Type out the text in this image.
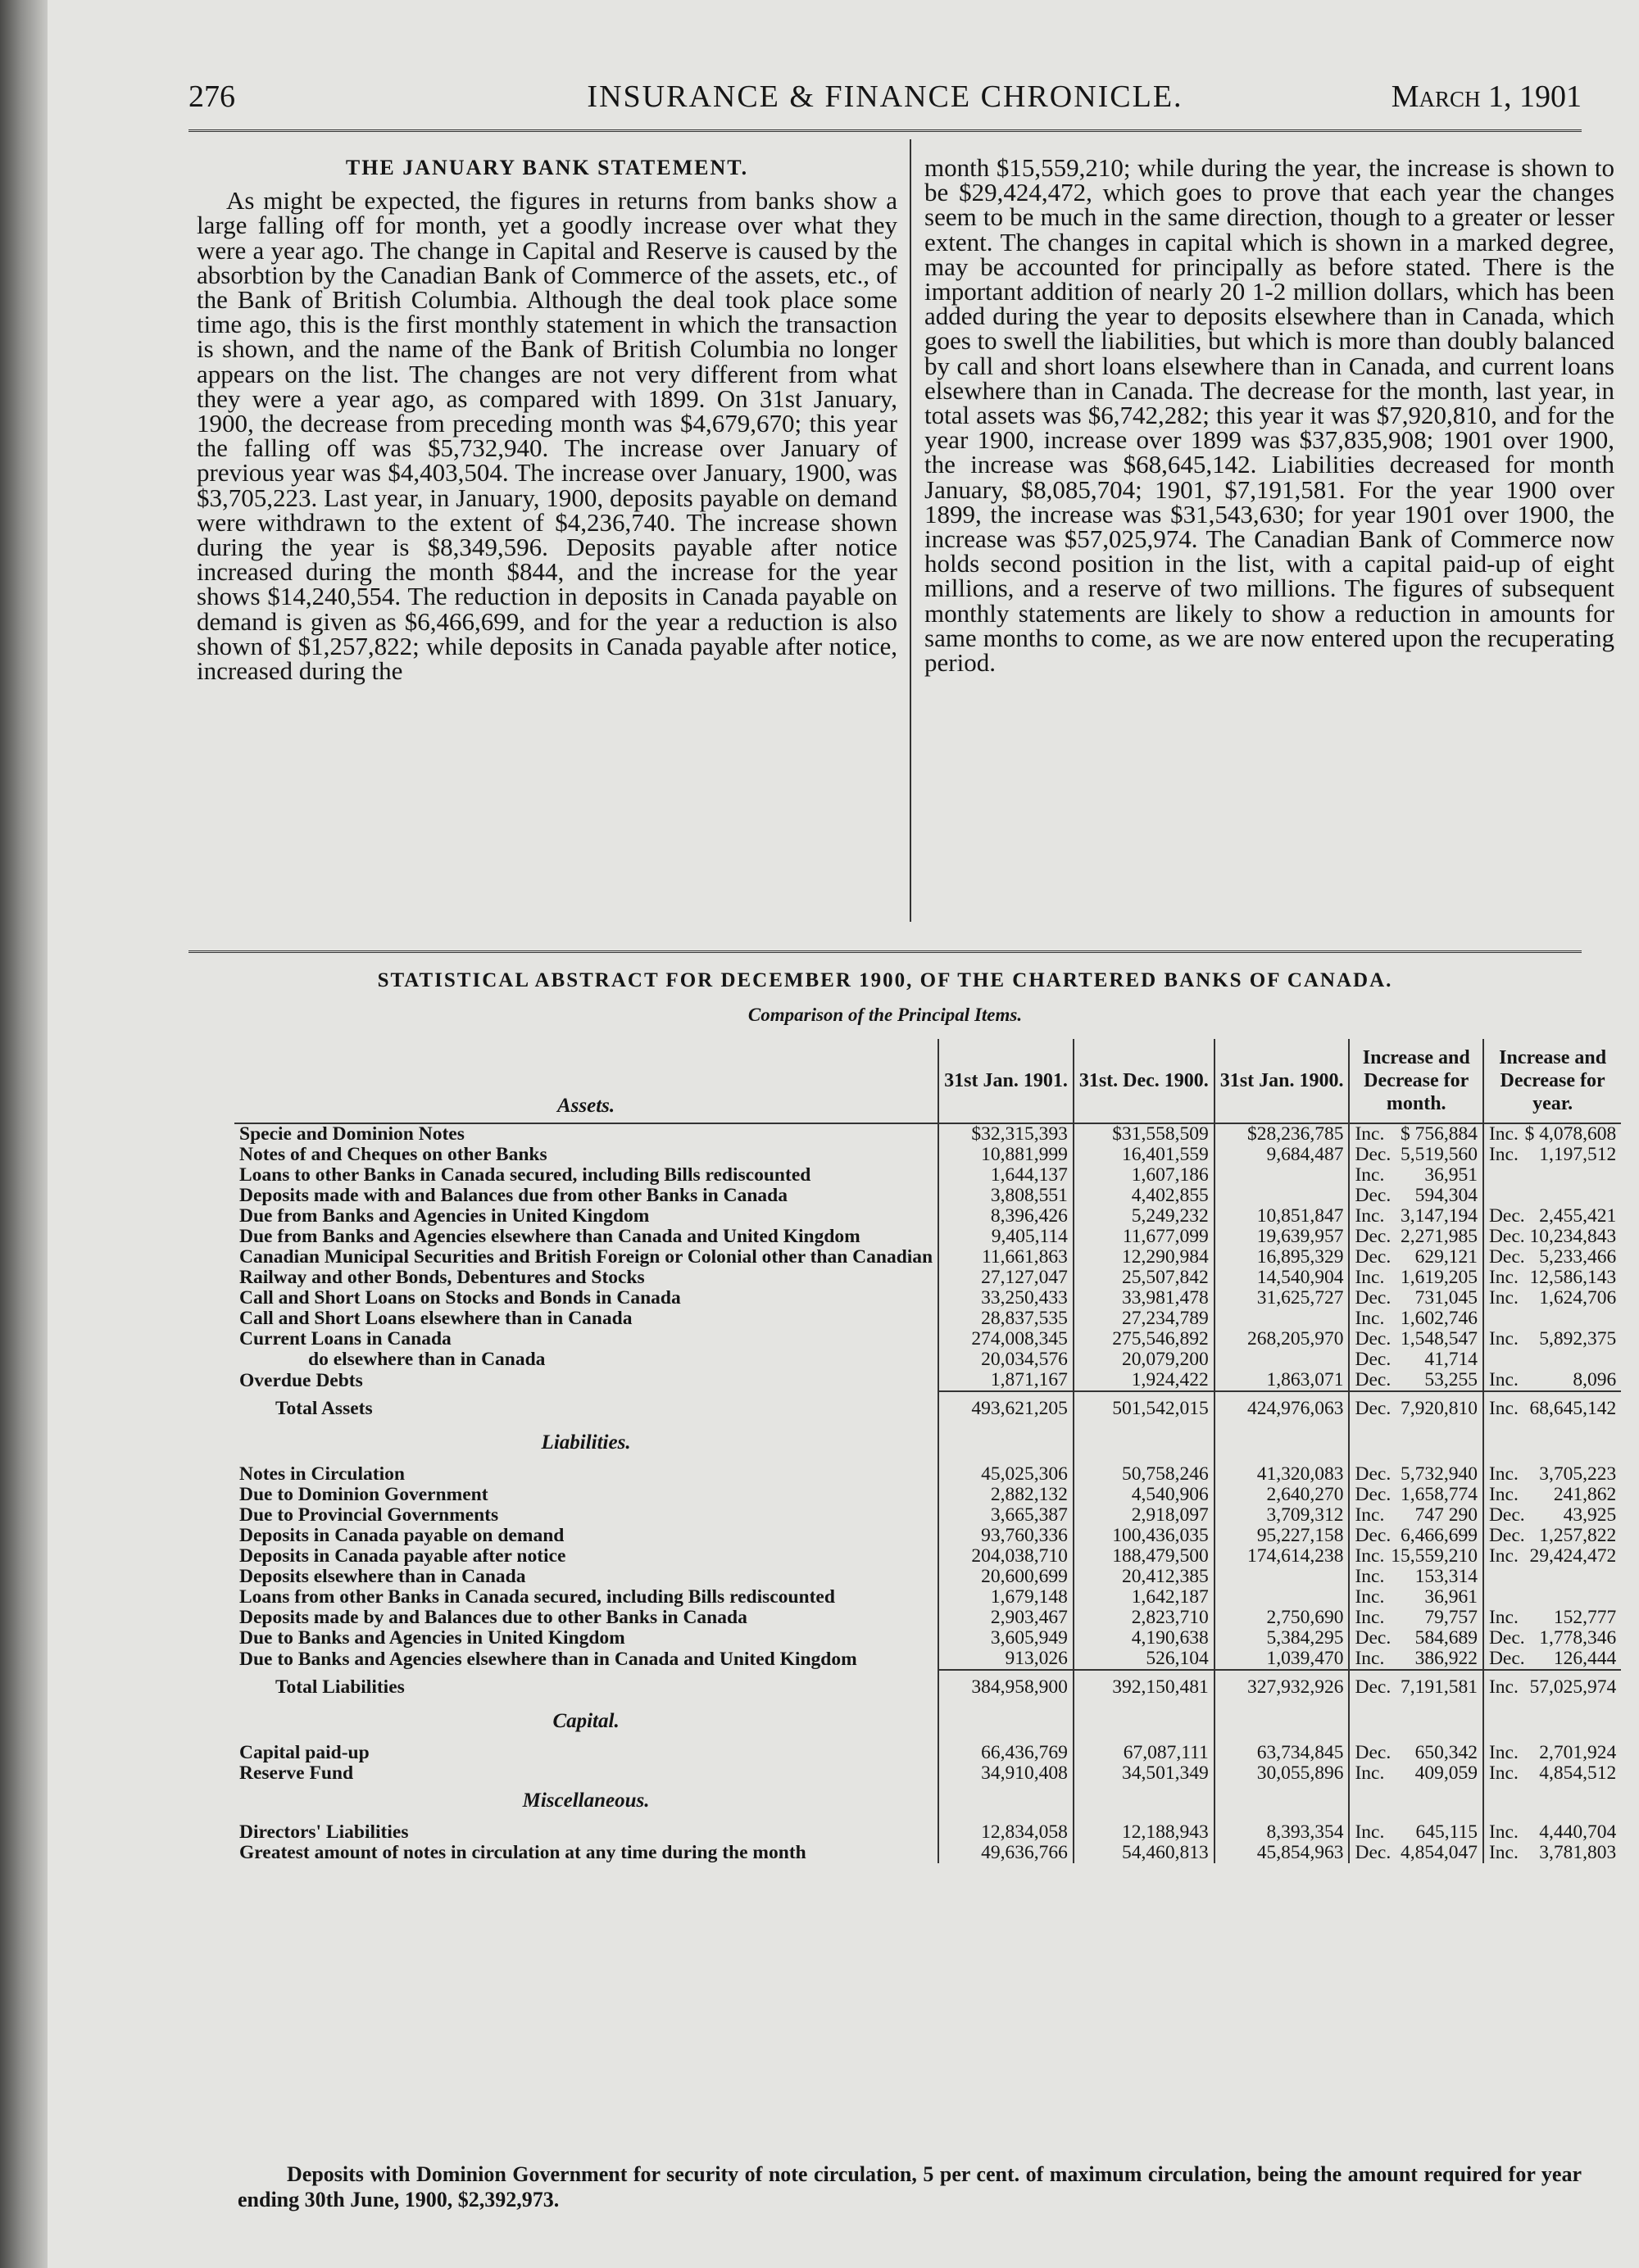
276	INSURANCE & FINANCE CHRONICLE.	March 1, 1901
THE JANUARY BANK STATEMENT.

As might be expected, the figures in returns from banks show a large falling off for month, yet a goodly increase over what they were a year ago. The change in Capital and Reserve is caused by the absorbtion by the Canadian Bank of Commerce of the assets, etc., of the Bank of British Columbia. Although the deal took place some time ago, this is the first monthly statement in which the transaction is shown, and the name of the Bank of British Columbia no longer appears on the list. The changes are not very different from what they were a year ago, as compared with 1899. On 31st January, 1900, the decrease from preceding month was $4,679,670; this year the falling off was $5,732,940. The increase over January of previous year was $4,403,504. The increase over January, 1900, was $3,705,223. Last year, in January, 1900, deposits payable on demand were withdrawn to the extent of $4,236,740. The increase shown during the year is $8,349,596. Deposits payable after notice increased during the month $844, and the increase for the year shows $14,240,554. The reduction in deposits in Canada payable on demand is given as $6,466,699, and for the year a reduction is also shown of $1,257,822; while deposits in Canada payable after notice, increased during the

month $15,559,210; while during the year, the increase is shown to be $29,424,472, which goes to prove that each year the changes seem to be much in the same direction, though to a greater or lesser extent. The changes in capital which is shown in a marked degree, may be accounted for principally as before stated. There is the important addition of nearly 20 1-2 million dollars, which has been added during the year to deposits elsewhere than in Canada, which goes to swell the liabilities, but which is more than doubly balanced by call and short loans elsewhere than in Canada, and current loans elsewhere than in Canada. The decrease for the month, last year, in total assets was $6,742,282; this year it was $7,920,810, and for the year 1900, increase over 1899 was $37,835,908; 1901 over 1900, the increase was $68,645,142. Liabilities decreased for month January, $8,085,704; 1901, $7,191,581. For the year 1900 over 1899, the increase was $31,543,630; for year 1901 over 1900, the increase was $57,025,974. The Canadian Bank of Commerce now holds second position in the list, with a capital paid-up of eight millions, and a reserve of two millions. The figures of subsequent monthly statements are likely to show a reduction in amounts for same months to come, as we are now entered upon the recuperating period.

STATISTICAL ABSTRACT FOR DECEMBER 1900, OF THE CHARTERED BANKS OF CANADA.
Comparison of the Principal Items.
Assets.	31st Jan. 1901.	31st. Dec. 1900.	31st Jan. 1900.	Increase and Decrease for month.		Increase and Decrease for year.	
Specie and Dominion Notes	$32,315,393	$31,558,509	$28,236,785	Inc.	$ 756,884	Inc.	$ 4,078,608
Notes of and Cheques on other Banks	10,881,999	16,401,559	9,684,487	Dec.	5,519,560	Inc.	1,197,512
Loans to other Banks in Canada secured, including Bills rediscounted	1,644,137	1,607,186		Inc.	36,951		
Deposits made with and Balances due from other Banks in Canada	3,808,551	4,402,855		Dec.	594,304		
Due from Banks and Agencies in United Kingdom	8,396,426	5,249,232	10,851,847	Inc.	3,147,194	Dec.	2,455,421
Due from Banks and Agencies elsewhere than Canada and United Kingdom	9,405,114	11,677,099	19,639,957	Dec.	2,271,985	Dec.	10,234,843
Canadian Municipal Securities and British Foreign or Colonial other than Canadian	11,661,863	12,290,984	16,895,329	Dec.	629,121	Dec.	5,233,466
Railway and other Bonds, Debentures and Stocks	27,127,047	25,507,842	14,540,904	Inc.	1,619,205	Inc.	12,586,143
Call and Short Loans on Stocks and Bonds in Canada	33,250,433	33,981,478	31,625,727	Dec.	731,045	Inc.	1,624,706
Call and Short Loans elsewhere than in Canada	28,837,535	27,234,789		Inc.	1,602,746		
Current Loans in Canada	274,008,345	275,546,892	268,205,970	Dec.	1,548,547	Inc.	5,892,375
do elsewhere than in Canada	20,034,576	20,079,200		Dec.	41,714		
Overdue Debts	1,871,167	1,924,422	1,863,071	Dec.	53,255	Inc.	8,096
Total Assets	493,621,205	501,542,015	424,976,063	Dec.	7,920,810	Inc.	68,645,142
Liabilities.							
Notes in Circulation	45,025,306	50,758,246	41,320,083	Dec.	5,732,940	Inc.	3,705,223
Due to Dominion Government	2,882,132	4,540,906	2,640,270	Dec.	1,658,774	Inc.	241,862
Due to Provincial Governments	3,665,387	2,918,097	3,709,312	Inc.	747 290	Dec.	43,925
Deposits in Canada payable on demand	93,760,336	100,436,035	95,227,158	Dec.	6,466,699	Dec.	1,257,822
Deposits in Canada payable after notice	204,038,710	188,479,500	174,614,238	Inc.	15,559,210	Inc.	29,424,472
Deposits elsewhere than in Canada	20,600,699	20,412,385		Inc.	153,314		
Loans from other Banks in Canada secured, including Bills rediscounted	1,679,148	1,642,187		Inc.	36,961		
Deposits made by and Balances due to other Banks in Canada	2,903,467	2,823,710	2,750,690	Inc.	79,757	Inc.	152,777
Due to Banks and Agencies in United Kingdom	3,605,949	4,190,638	5,384,295	Dec.	584,689	Dec.	1,778,346
Due to Banks and Agencies elsewhere than in Canada and United Kingdom	913,026	526,104	1,039,470	Inc.	386,922	Dec.	126,444
Total Liabilities	384,958,900	392,150,481	327,932,926	Dec.	7,191,581	Inc.	57,025,974
Capital.							
Capital paid-up	66,436,769	67,087,111	63,734,845	Dec.	650,342	Inc.	2,701,924
Reserve Fund	34,910,408	34,501,349	30,055,896	Inc.	409,059	Inc.	4,854,512
Miscellaneous.							
Directors' Liabilities	12,834,058	12,188,943	8,393,354	Inc.	645,115	Inc.	4,440,704
Greatest amount of notes in circulation at any time during the month	49,636,766	54,460,813	45,854,963	Dec.	4,854,047	Inc.	3,781,803
Deposits with Dominion Government for security of note circulation, 5 per cent. of maximum circulation, being the amount required for year ending 30th June, 1900, $2,392,973.
